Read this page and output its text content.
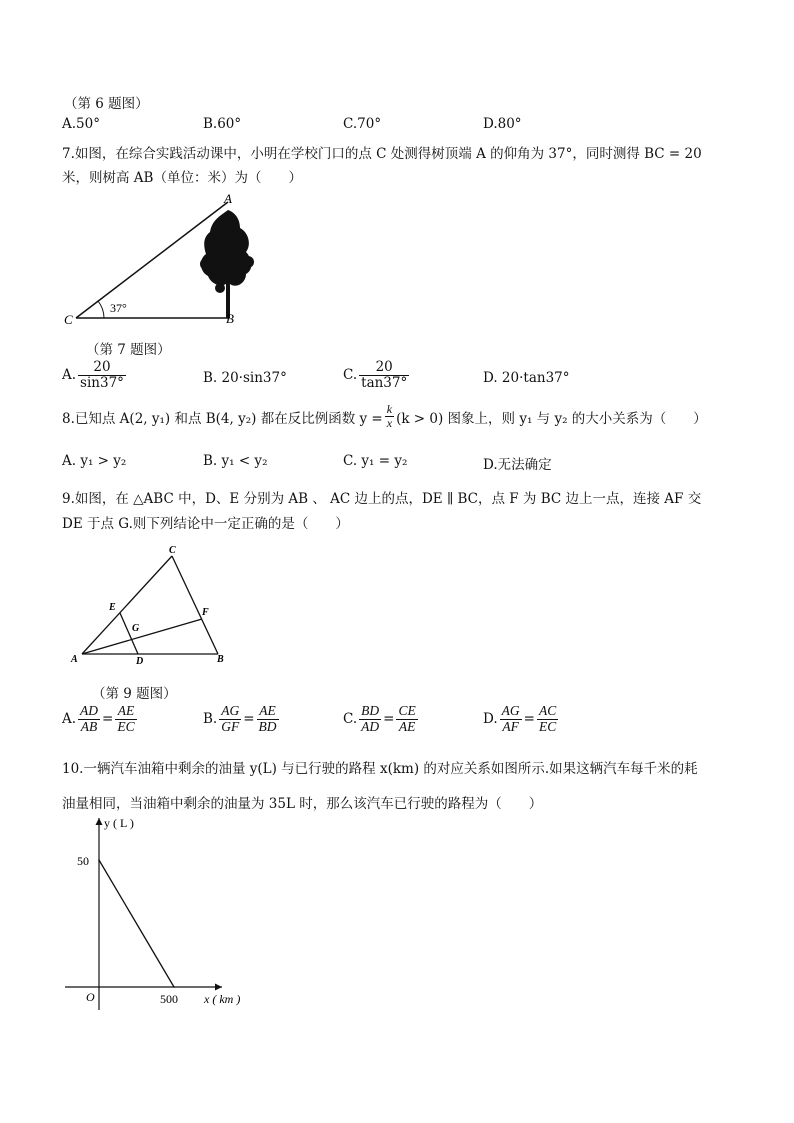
（第 6 题图）
A.50°	B.60°	C.70°	D.80°
7.如图，在综合实践活动课中，小明在学校门口的点 C 处测得树顶端 A 的仰角为 37°，同时测得 BC = 20
米，则树高 AB（单位：米）为（　　）
A
B
C
37°
（第 7 题图）
A. $\frac{20}{\sin 37^\circ}$	B. 20·sin37°	C. $\frac{20}{\tan 37^\circ}$	D. 20·tan37°
8.已知点 A(2, y₁) 和点 B(4, y₂) 都在反比例函数 $y = \frac{k}{x} (k > 0)$ 图象上，则 y₁ 与 y₂ 的大小关系为（　　）
A. y₁ > y₂	B. y₁ < y₂	C. y₁ = y₂	D.无法确定
9.如图，在 △ABC 中，D、E 分别为 AB 、 AC 边上的点，DE ∥ BC，点 F 为 BC 边上一点，连接 AF 交
DE 于点 G.则下列结论中一定正确的是（　　）
C
A	B
E	F
G
D
（第 9 题图）
A. $\frac{AD}{AB} = \frac{AE}{EC}$	B. $\frac{AG}{GF} = \frac{AE}{BD}$	C. $\frac{BD}{AD} = \frac{CE}{AE}$	D. $\frac{AG}{AF} = \frac{AC}{EC}$
10.一辆汽车油箱中剩余的油量 y(L) 与已行驶的路程 x(km) 的对应关系如图所示.如果这辆汽车每千米的耗
油量相同，当油箱中剩余的油量为 35L 时，那么该汽车已行驶的路程为（　　）
y ( L )
x ( km )
O
50
500
